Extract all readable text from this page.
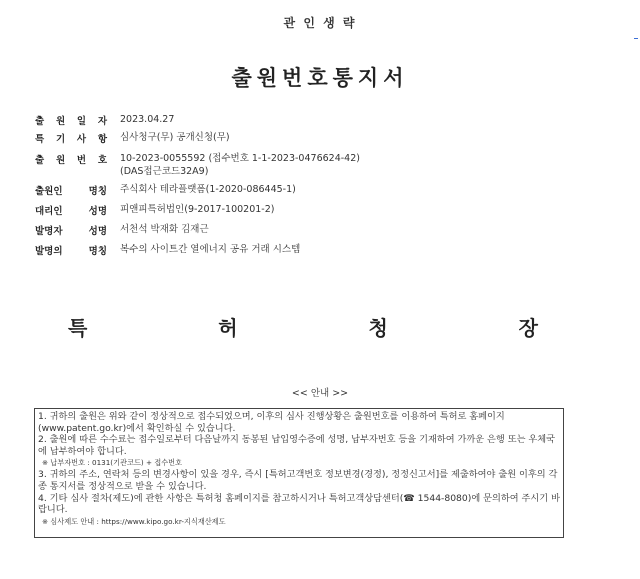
관 인 생 략
출원번호통지서
출 원 일 자 2023.04.27
특 기 사 항 심사청구(무) 공개신청(무)
출 원 번 호 10-2023-0055592 (접수번호 1-1-2023-0476624-42)
(DAS접근코드32A9)
출원인	명칭 주식회사 테라플랫폼(1-2020-086445-1)
대리인	성명 피앤피특허법인(9-2017-100201-2)
발명자	성명 서천석 박재화 김재근
발명의	명칭 복수의 사이트간 열에너지 공유 거래 시스템
특	허	청	장
<< 안내 >>

1. 귀하의 출원은 위와 같이 정상적으로 접수되었으며, 이후의 심사 진행상황은 출원번호를 이용하여 특허로 홈페이지(www.patent.go.kr)에서 확인하실 수 있습니다.

2. 출원에 따른 수수료는 접수일로부터 다음날까지 동봉된 납입영수증에 성명, 납부자번호 등을 기재하여 가까운 은행 또는 우체국에 납부하여야 합니다.

※ 납부자번호 : 0131(기관코드) + 접수번호

3. 귀하의 주소, 연락처 등의 변경사항이 있을 경우, 즉시 [특허고객번호 정보변경(경정), 정정신고서]를 제출하여야 출원 이후의 각종 통지서를 정상적으로 받을 수 있습니다.

4. 기타 심사 절차(제도)에 관한 사항은 특허청 홈페이지를 참고하시거나 특허고객상담센터(☎ 1544-8080)에 문의하여 주시기 바랍니다.

※ 심사제도 안내 : https://www.kipo.go.kr-지식재산제도
